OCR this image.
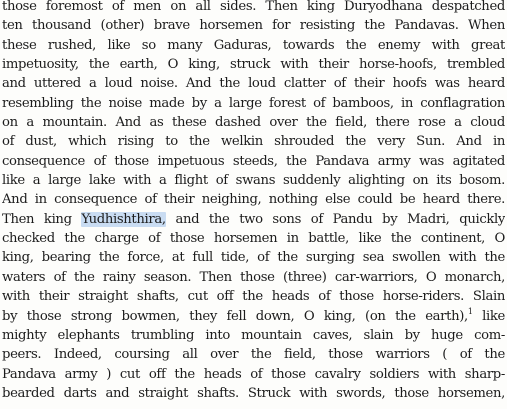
those foremost of men on all sides. Then king Duryodhana despatched
ten thousand (other) brave horsemen for resisting the Pandavas. When
these rushed, like so many Gaduras, towards the enemy with great
impetuosity, the earth, O king, struck with their horse-hoofs, trembled
and uttered a loud noise. And the loud clatter of their hoofs was heard
resembling the noise made by a large forest of bamboos, in conflagration
on a mountain. And as these dashed over the field, there rose a cloud
of dust, which rising to the welkin shrouded the very Sun. And in
consequence of those impetuous steeds, the Pandava army was agitated
like a large lake with a flight of swans suddenly alighting on its bosom.
And in consequence of their neighing, nothing else could be heard there.
Then king Yudhishthira, and the two sons of Pandu by Madri, quickly
checked the charge of those horsemen in battle, like the continent, O
king, bearing the force, at full tide, of the surging sea swollen with the
waters of the rainy season. Then those (three) car-warriors, O monarch,
with their straight shafts, cut off the heads of those horse-riders. Slain
by those strong bowmen, they fell down, O king, (on the earth),$^1$ like
mighty elephants trumbling into mountain caves, slain by huge com-
peers. Indeed, coursing all over the field, those warriors ( of the
Pandava army ) cut off the heads of those cavalry soldiers with sharp-
bearded darts and straight shafts. Struck with swords, those horsemen,
